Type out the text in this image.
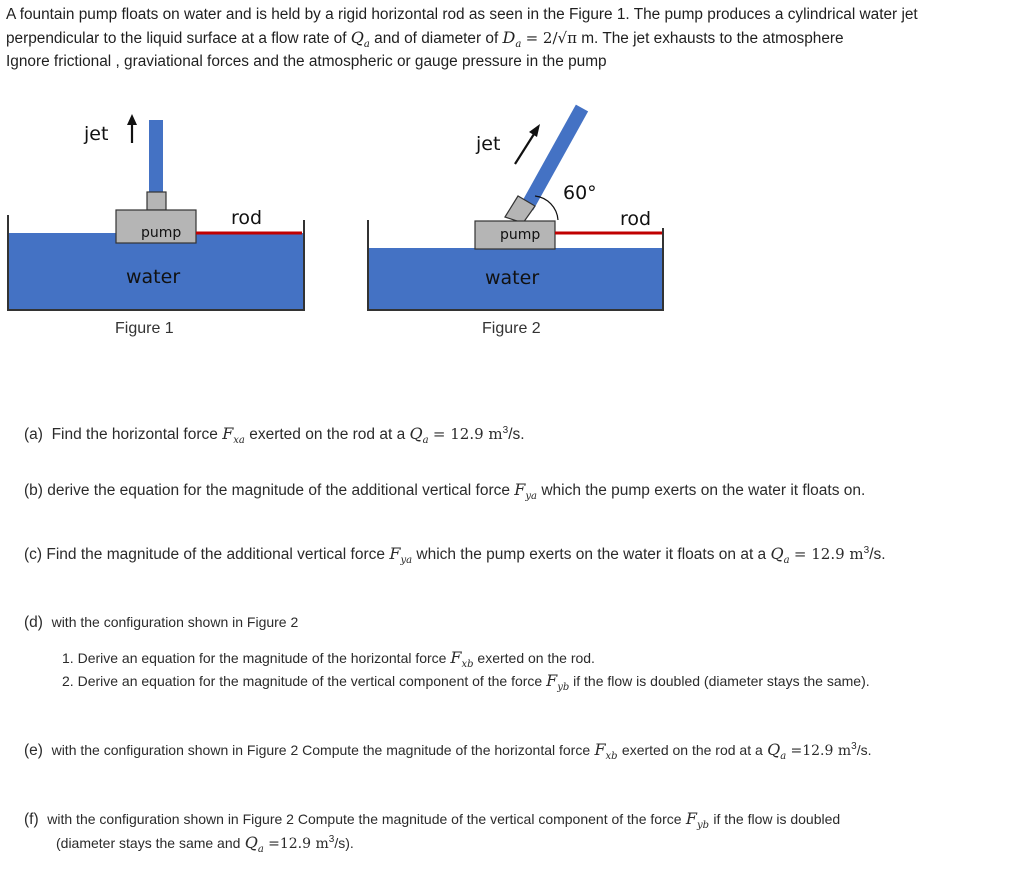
A fountain pump floats on water and is held by a rigid horizontal rod as seen in the Figure 1. The pump produces a cylindrical water jet

perpendicular to the liquid surface at a flow rate of $Q_a$ and of diameter of $D_a = 2/√\pi$ m. The jet exhausts to the atmosphere

Ignore frictional , graviational forces and the atmospheric or gauge pressure in the pump

jet
pump
rod
water
jet
60°
pump
rod
water
Figure 1	Figure 2
(a) Find the horizontal force $F_{xa}$ exerted on the rod at a $Q_a = 12.9$ $m^3/s$.
(b) derive the equation for the magnitude of the additional vertical force $F_{ya}$ which the pump exerts on the water it floats on.
(c) Find the magnitude of the additional vertical force $F_{ya}$ which the pump exerts on the water it floats on at a $Q_a = 12.9$ $m^3/s$.
(d) with the configuration shown in Figure 2
1. Derive an equation for the magnitude of the horizontal force $F_{xb}$ exerted on the rod.
2. Derive an equation for the magnitude of the vertical component of the force $F_{yb}$ if the flow is doubled (diameter stays the same).
(e) with the configuration shown in Figure 2 Compute the magnitude of the horizontal force $F_{xb}$ exerted on the rod at a $Q_a =12.9$ $m^3/s$.
(f) with the configuration shown in Figure 2 Compute the magnitude of the vertical component of the force $F_{yb}$ if the flow is doubled
(diameter stays the same and $Q_a =12.9$ $m^3/s$).
